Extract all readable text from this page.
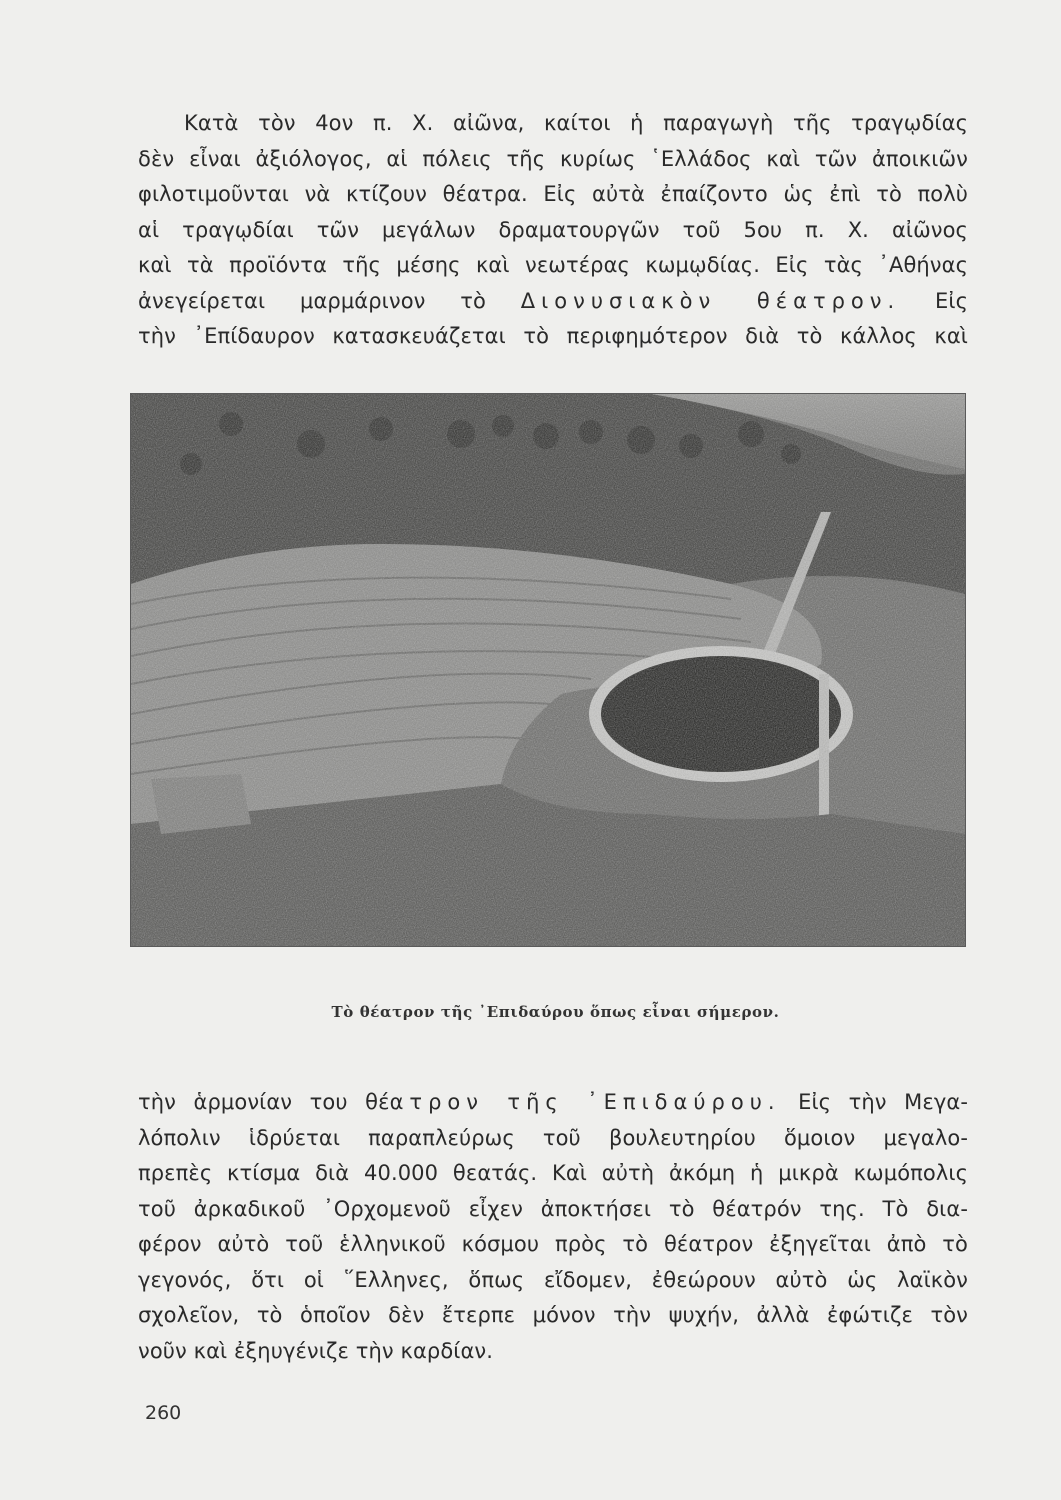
Κατὰ τὸν 4ον π. Χ. αἰῶνα, καίτοι ἡ παραγωγὴ τῆς τραγῳδίας
δὲν εἶναι ἀξιόλογος, αἱ πόλεις τῆς κυρίως ῾Ελλάδος καὶ τῶν ἀποικιῶν
φιλοτιμοῦνται νὰ κτίζουν θέατρα. Εἰς αὐτὰ ἐπαίζοντο ὡς ἐπὶ τὸ πολὺ
αἱ τραγῳδίαι τῶν μεγάλων δραματουργῶν τοῦ 5ου π. Χ. αἰῶνος
καὶ τὰ προϊόντα τῆς μέσης καὶ νεωτέρας κωμῳδίας. Εἰς τὰς ᾿Αθήνας
ἀνεγείρεται μαρμάρινον τὸ Διονυσιακὸν θέατρον. Εἰς
τὴν ᾿Επίδαυρον κατασκευάζεται τὸ περιφημότερον διὰ τὸ κάλλος καὶ
Τὸ θέατρον τῆς ᾿Επιδαύρου ὅπως εἶναι σήμερον.
τὴν ἁρμονίαν του θέατρον τῆς ᾿Επιδαύρου. Εἰς τὴν Μεγα-
λόπολιν ἱδρύεται παραπλεύρως τοῦ βουλευτηρίου ὅμοιον μεγαλο-
πρεπὲς κτίσμα διὰ 40.000 θεατάς. Καὶ αὐτὴ ἀκόμη ἡ μικρὰ κωμόπολις
τοῦ ἀρκαδικοῦ ᾿Ορχομενοῦ εἶχεν ἀποκτήσει τὸ θέατρόν της. Τὸ δια-
φέρον αὐτὸ τοῦ ἑλληνικοῦ κόσμου πρὸς τὸ θέατρον ἐξηγεῖται ἀπὸ τὸ
γεγονός, ὅτι οἱ ῞Ελληνες, ὅπως εἴδομεν, ἐθεώρουν αὐτὸ ὡς λαϊκὸν
σχολεῖον, τὸ ὁποῖον δὲν ἔτερπε μόνον τὴν ψυχήν, ἀλλὰ ἐφώτιζε τὸν
νοῦν καὶ ἐξηυγένιζε τὴν καρδίαν.
260
